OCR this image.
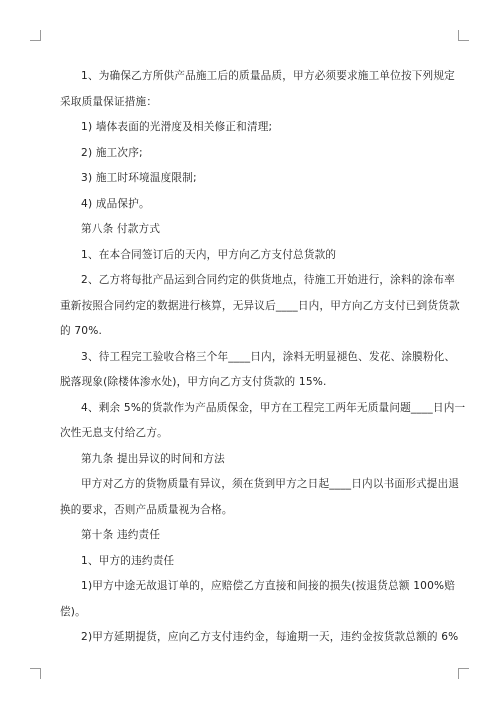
1、为确保乙方所供产品施工后的质量品质，甲方必须要求施工单位按下列规定

采取质量保证措施：

1) 墙体表面的光滑度及相关修正和清理;

2) 施工次序;

3) 施工时环境温度限制;

4) 成品保护。

第八条 付款方式

1、在本合同签订后的天内，甲方向乙方支付总货款的

2、乙方将每批产品运到合同约定的供货地点，待施工开始进行，涂料的涂布率

重新按照合同约定的数据进行核算，无异议后____日内，甲方向乙方支付已到货货款

的 70%.

3、待工程完工验收合格三个年____日内，涂料无明显褪色、发花、涂膜粉化、

脱落现象(除楼体渗水处)，甲方向乙方支付货款的 15%.

4、剩余 5%的货款作为产品质保金，甲方在工程完工两年无质量问题____日内一

次性无息支付给乙方。

第九条 提出异议的时间和方法

甲方对乙方的货物质量有异议，须在货到甲方之日起____日内以书面形式提出退

换的要求，否则产品质量视为合格。

第十条 违约责任

1、甲方的违约责任

1)甲方中途无故退订单的，应赔偿乙方直接和间接的损失(按退货总额 100%赔

偿)。

2)甲方延期提货，应向乙方支付违约金，每逾期一天，违约金按货款总额的 6%
